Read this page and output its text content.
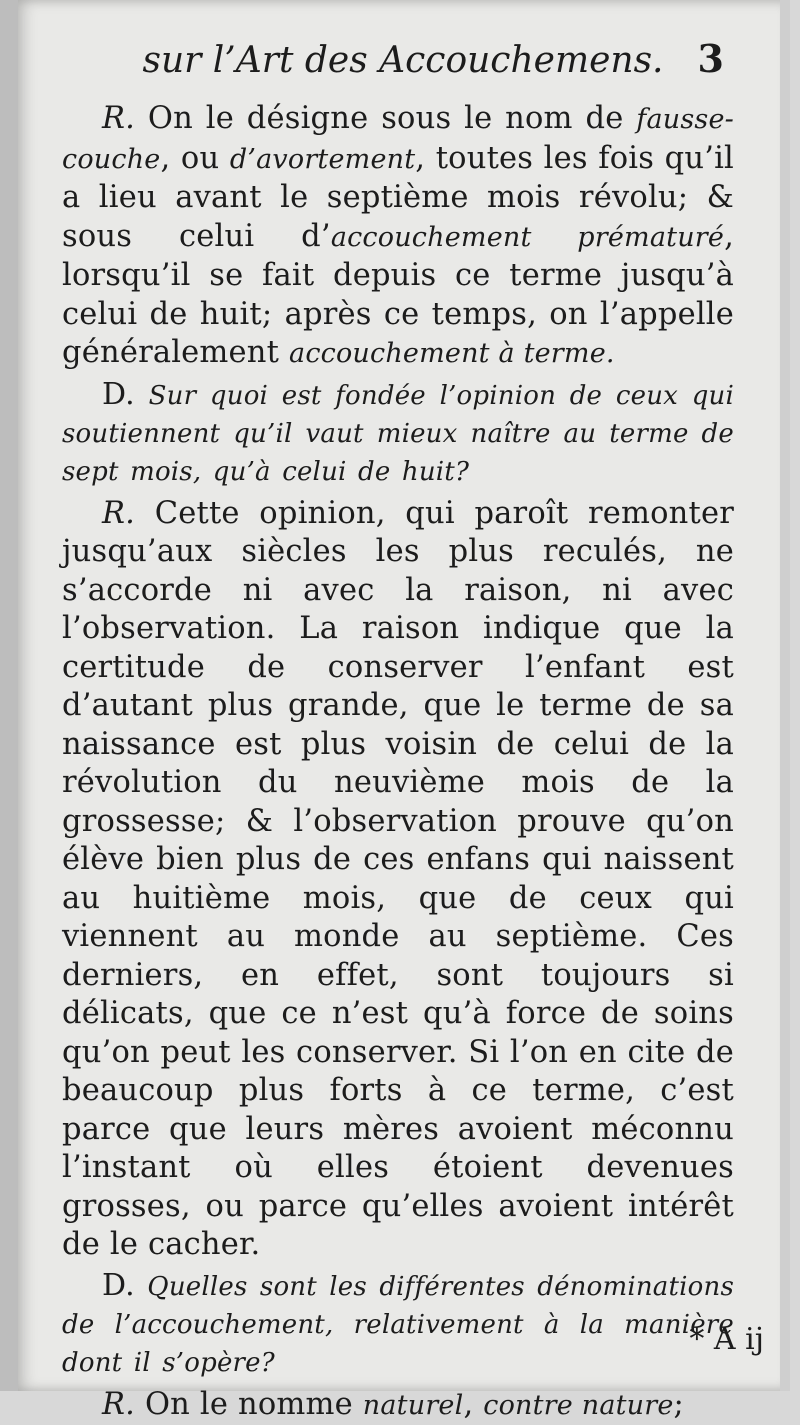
sur l’Art des Accouchemens. 3

R. On le désigne sous le nom de fausse-couche, ou d’avortement, toutes les fois qu’il a lieu avant le septième mois révolu; & sous celui d’accouchement prématuré, lorsqu’il se fait depuis ce terme jusqu’à celui de huit; après ce temps, on l’appelle généralement accouchement à terme.

D. Sur quoi est fondée l’opinion de ceux qui soutiennent qu’il vaut mieux naître au terme de sept mois, qu’à celui de huit?

R. Cette opinion, qui paroît remonter jusqu’aux siècles les plus reculés, ne s’accorde ni avec la raison, ni avec l’observation. La raison indique que la certitude de conserver l’enfant est d’autant plus grande, que le terme de sa naissance est plus voisin de celui de la révolution du neuvième mois de la grossesse; & l’observation prouve qu’on élève bien plus de ces enfans qui naissent au huitième mois, que de ceux qui viennent au monde au septième. Ces derniers, en effet, sont toujours si délicats, que ce n’est qu’à force de soins qu’on peut les conserver. Si l’on en cite de beaucoup plus forts à ce terme, c’est parce que leurs mères avoient méconnu l’instant où elles étoient devenues grosses, ou parce qu’elles avoient intérêt de le cacher.

D. Quelles sont les différentes dénominations de l’accouchement, relativement à la manière dont il s’opère?

R. On le nomme naturel, contre nature;

* A ij
